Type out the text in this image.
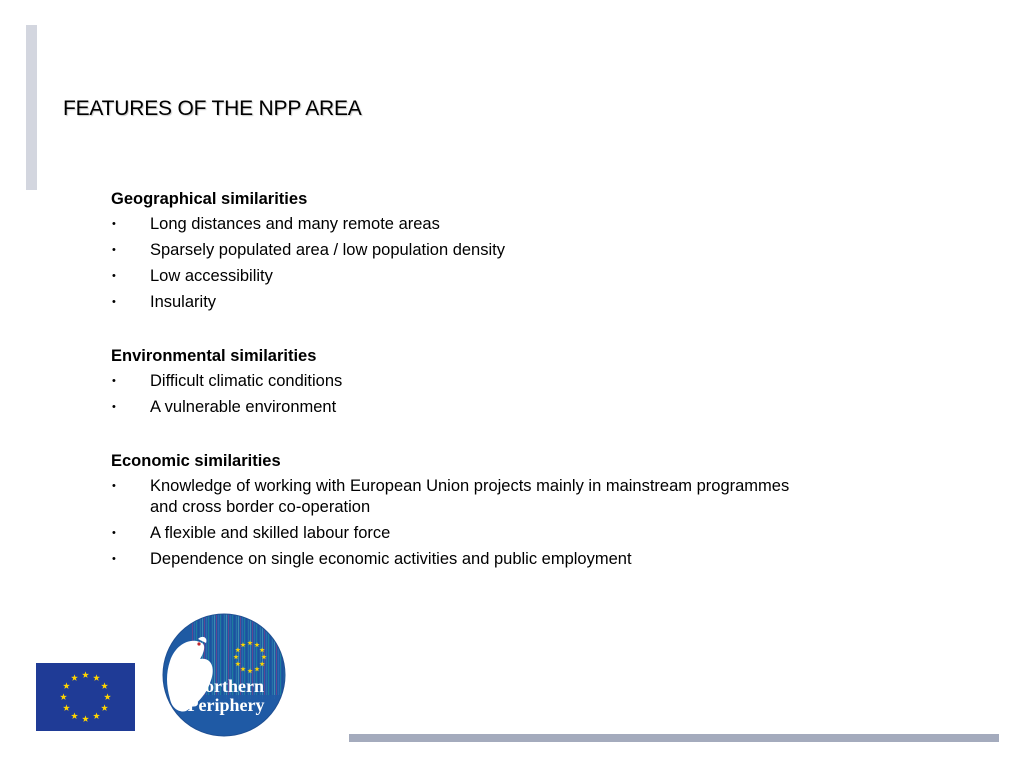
FEATURES OF THE NPP AREA
Geographical similarities
• Long distances and many remote areas
• Sparsely populated area / low population density
• Low accessibility
• Insularity
Environmental similarities
• Difficult climatic conditions
• A vulnerable environment
Economic similarities
• Knowledge of working with European Union projects mainly in mainstream programmes and cross border co-operation
• A flexible and skilled labour force
• Dependence on single economic activities and public employment
Northern
Periphery
